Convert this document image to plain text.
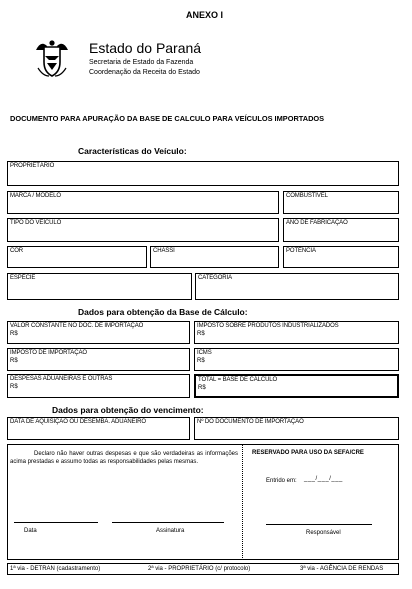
ANEXO I
Estado do Paraná
Secretaria de Estado da Fazenda
Coordenação da Receita do Estado
DOCUMENTO PARA APURAÇÃO DA BASE DE CALCULO PARA VEÍCULOS IMPORTADOS
Características do Veículo:
PROPRIETÁRIO
MARCA / MODELO	COMBUSTÍVEL
TIPO DO VEÍCULO	ANO DE FABRICAÇÃO
COR	CHASSI	POTÊNCIA
ESPÉCIE	CATEGORIA
Dados para obtenção da Base de Cálculo:
VALOR CONSTANTE NO DOC. DE IMPORTAÇÃO
R$
IMPOSTO SOBRE PRODUTOS INDUSTRIALIZADOS
R$
IMPOSTO DE IMPORTAÇÃO
R$
ICMS
R$
DESPESAS ADUANEIRAS E OUTRAS
R$
TOTAL = BASE DE CÁLCULO
R$
Dados para obtenção do vencimento:
DATA DE AQUISIÇÃO OU DESEMBA. ADUANEIRO	Nº DO DOCUMENTO DE IMPORTAÇÃO
Declaro não haver outras despesas e que são verdadeiras as informações acima prestadas e assumo todas as responsabilidades pelas mesmas.
Data	Assinatura
RESERVADO PARA USO DA SEFA/CRE
Entrido em: ___/___/___
Responsável
1ª via - DETRAN (cadastramento)	2ª via - PROPRIETÁRIO (c/ protocolo)	3ª via - AGÊNCIA DE RENDAS
